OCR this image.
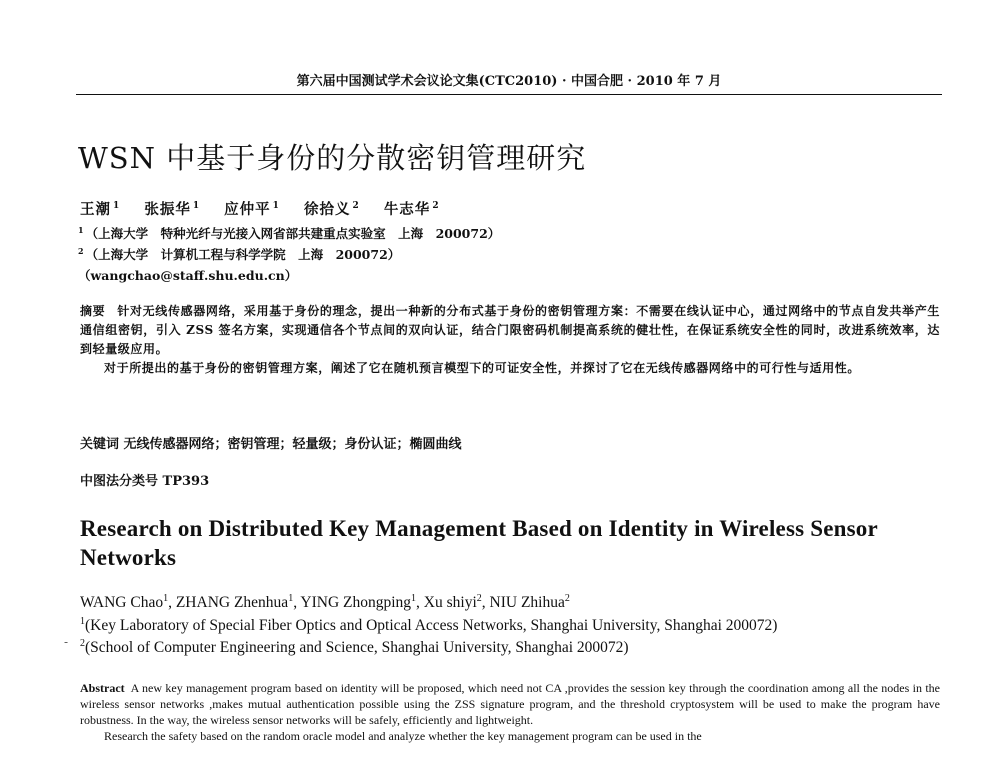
第六届中国测试学术会议论文集(CTC2010) · 中国合肥 · 2010 年 7 月
WSN 中基于身份的分散密钥管理研究
王潮 $^1$ 张振华 $^1$ 应仲平 $^1$ 徐拾义 $^2$ 牛志华 $^2$
$^1$ （上海大学　特种光纤与光接入网省部共建重点实验室　上海　200072）
$^2$ （上海大学　计算机工程与科学学院　上海　200072）
（wangchao@staff.shu.edu.cn）

摘要 针对无线传感器网络，采用基于身份的理念，提出一种新的分布式基于身份的密钥管理方案：不需要在线认证中心，通过网络中的节点自发共举产生通信组密钥，引入 ZSS 签名方案，实现通信各个节点间的双向认证，结合门限密码机制提高系统的健壮性，在保证系统安全性的同时，改进系统效率，达到轻量级应用。

对于所提出的基于身份的密钥管理方案，阐述了它在随机预言模型下的可证安全性，并探讨了它在无线传感器网络中的可行性与适用性。

关键词 无线传感器网络；密钥管理；轻量级；身份认证；椭圆曲线
中图法分类号 TP393
Research on Distributed Key Management Based on Identity in Wireless Sensor Networks
WANG Chao$^1$, ZHANG Zhenhua$^1$, YING Zhongping$^1$, Xu shiyi$^2$, NIU Zhihua$^2$
$^1$(Key Laboratory of Special Fiber Optics and Optical Access Networks, Shanghai University, Shanghai 200072)
$^2$(School of Computer Engineering and Science, Shanghai University, Shanghai 200072)

Abstract A new key management program based on identity will be proposed, which need not CA ,provides the session key through the coordination among all the nodes in the wireless sensor networks ,makes mutual authentication possible using the ZSS signature program, and the threshold cryptosystem will be used to make the program have robustness. In the way, the wireless sensor networks will be safely, efficiently and lightweight.

Research the safety based on the random oracle model and analyze whether the key management program can be used in the

-
